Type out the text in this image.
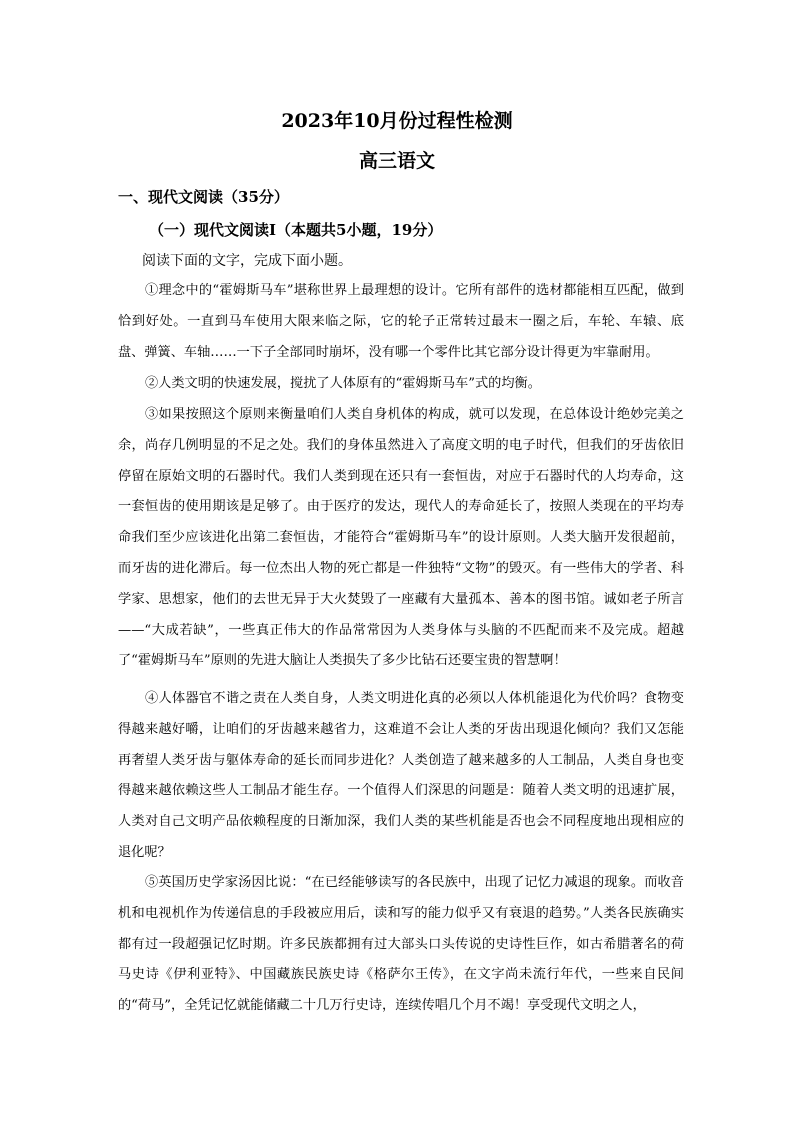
2023年10月份过程性检测
高三语文
一、现代文阅读（35分）
（一）现代文阅读Ⅰ（本题共5小题，19分）
阅读下面的文字，完成下面小题。

①理念中的“霍姆斯马车”堪称世界上最理想的设计。它所有部件的选材都能相互匹配，做到恰到好处。一直到马车使用大限来临之际，它的轮子正常转过最末一圈之后，车轮、车辕、底盘、弹簧、车轴……一下子全部同时崩坏，没有哪一个零件比其它部分设计得更为牢靠耐用。

②人类文明的快速发展，搅扰了人体原有的“霍姆斯马车”式的均衡。

③如果按照这个原则来衡量咱们人类自身机体的构成，就可以发现，在总体设计绝妙完美之余，尚存几例明显的不足之处。我们的身体虽然进入了高度文明的电子时代，但我们的牙齿依旧停留在原始文明的石器时代。我们人类到现在还只有一套恒齿，对应于石器时代的人均寿命，这一套恒齿的使用期该是足够了。由于医疗的发达，现代人的寿命延长了，按照人类现在的平均寿命我们至少应该进化出第二套恒齿，才能符合“霍姆斯马车”的设计原则。人类大脑开发很超前，而牙齿的进化滞后。每一位杰出人物的死亡都是一件独特“文物”的毁灭。有一些伟大的学者、科学家、思想家，他们的去世无异于大火焚毁了一座藏有大量孤本、善本的图书馆。诚如老子所言——“大成若缺”，一些真正伟大的作品常常因为人类身体与头脑的不匹配而来不及完成。超越了“霍姆斯马车”原则的先进大脑让人类损失了多少比钻石还要宝贵的智慧啊！

④人体器官不谐之责在人类自身，人类文明进化真的必须以人体机能退化为代价吗？食物变得越来越好嚼，让咱们的牙齿越来越省力，这难道不会让人类的牙齿出现退化倾向？我们又怎能再奢望人类牙齿与躯体寿命的延长而同步进化？人类创造了越来越多的人工制品，人类自身也变得越来越依赖这些人工制品才能生存。一个值得人们深思的问题是：随着人类文明的迅速扩展，人类对自己文明产品依赖程度的日渐加深，我们人类的某些机能是否也会不同程度地出现相应的退化呢？

⑤英国历史学家汤因比说：“在已经能够读写的各民族中，出现了记忆力减退的现象。而收音机和电视机作为传递信息的手段被应用后，读和写的能力似乎又有衰退的趋势。”人类各民族确实都有过一段超强记忆时期。许多民族都拥有过大部头口头传说的史诗性巨作，如古希腊著名的荷马史诗《伊利亚特》、中国藏族民族史诗《格萨尔王传》，在文字尚未流行年代，一些来自民间的“荷马”，全凭记忆就能储藏二十几万行史诗，连续传唱几个月不竭！享受现代文明之人，
